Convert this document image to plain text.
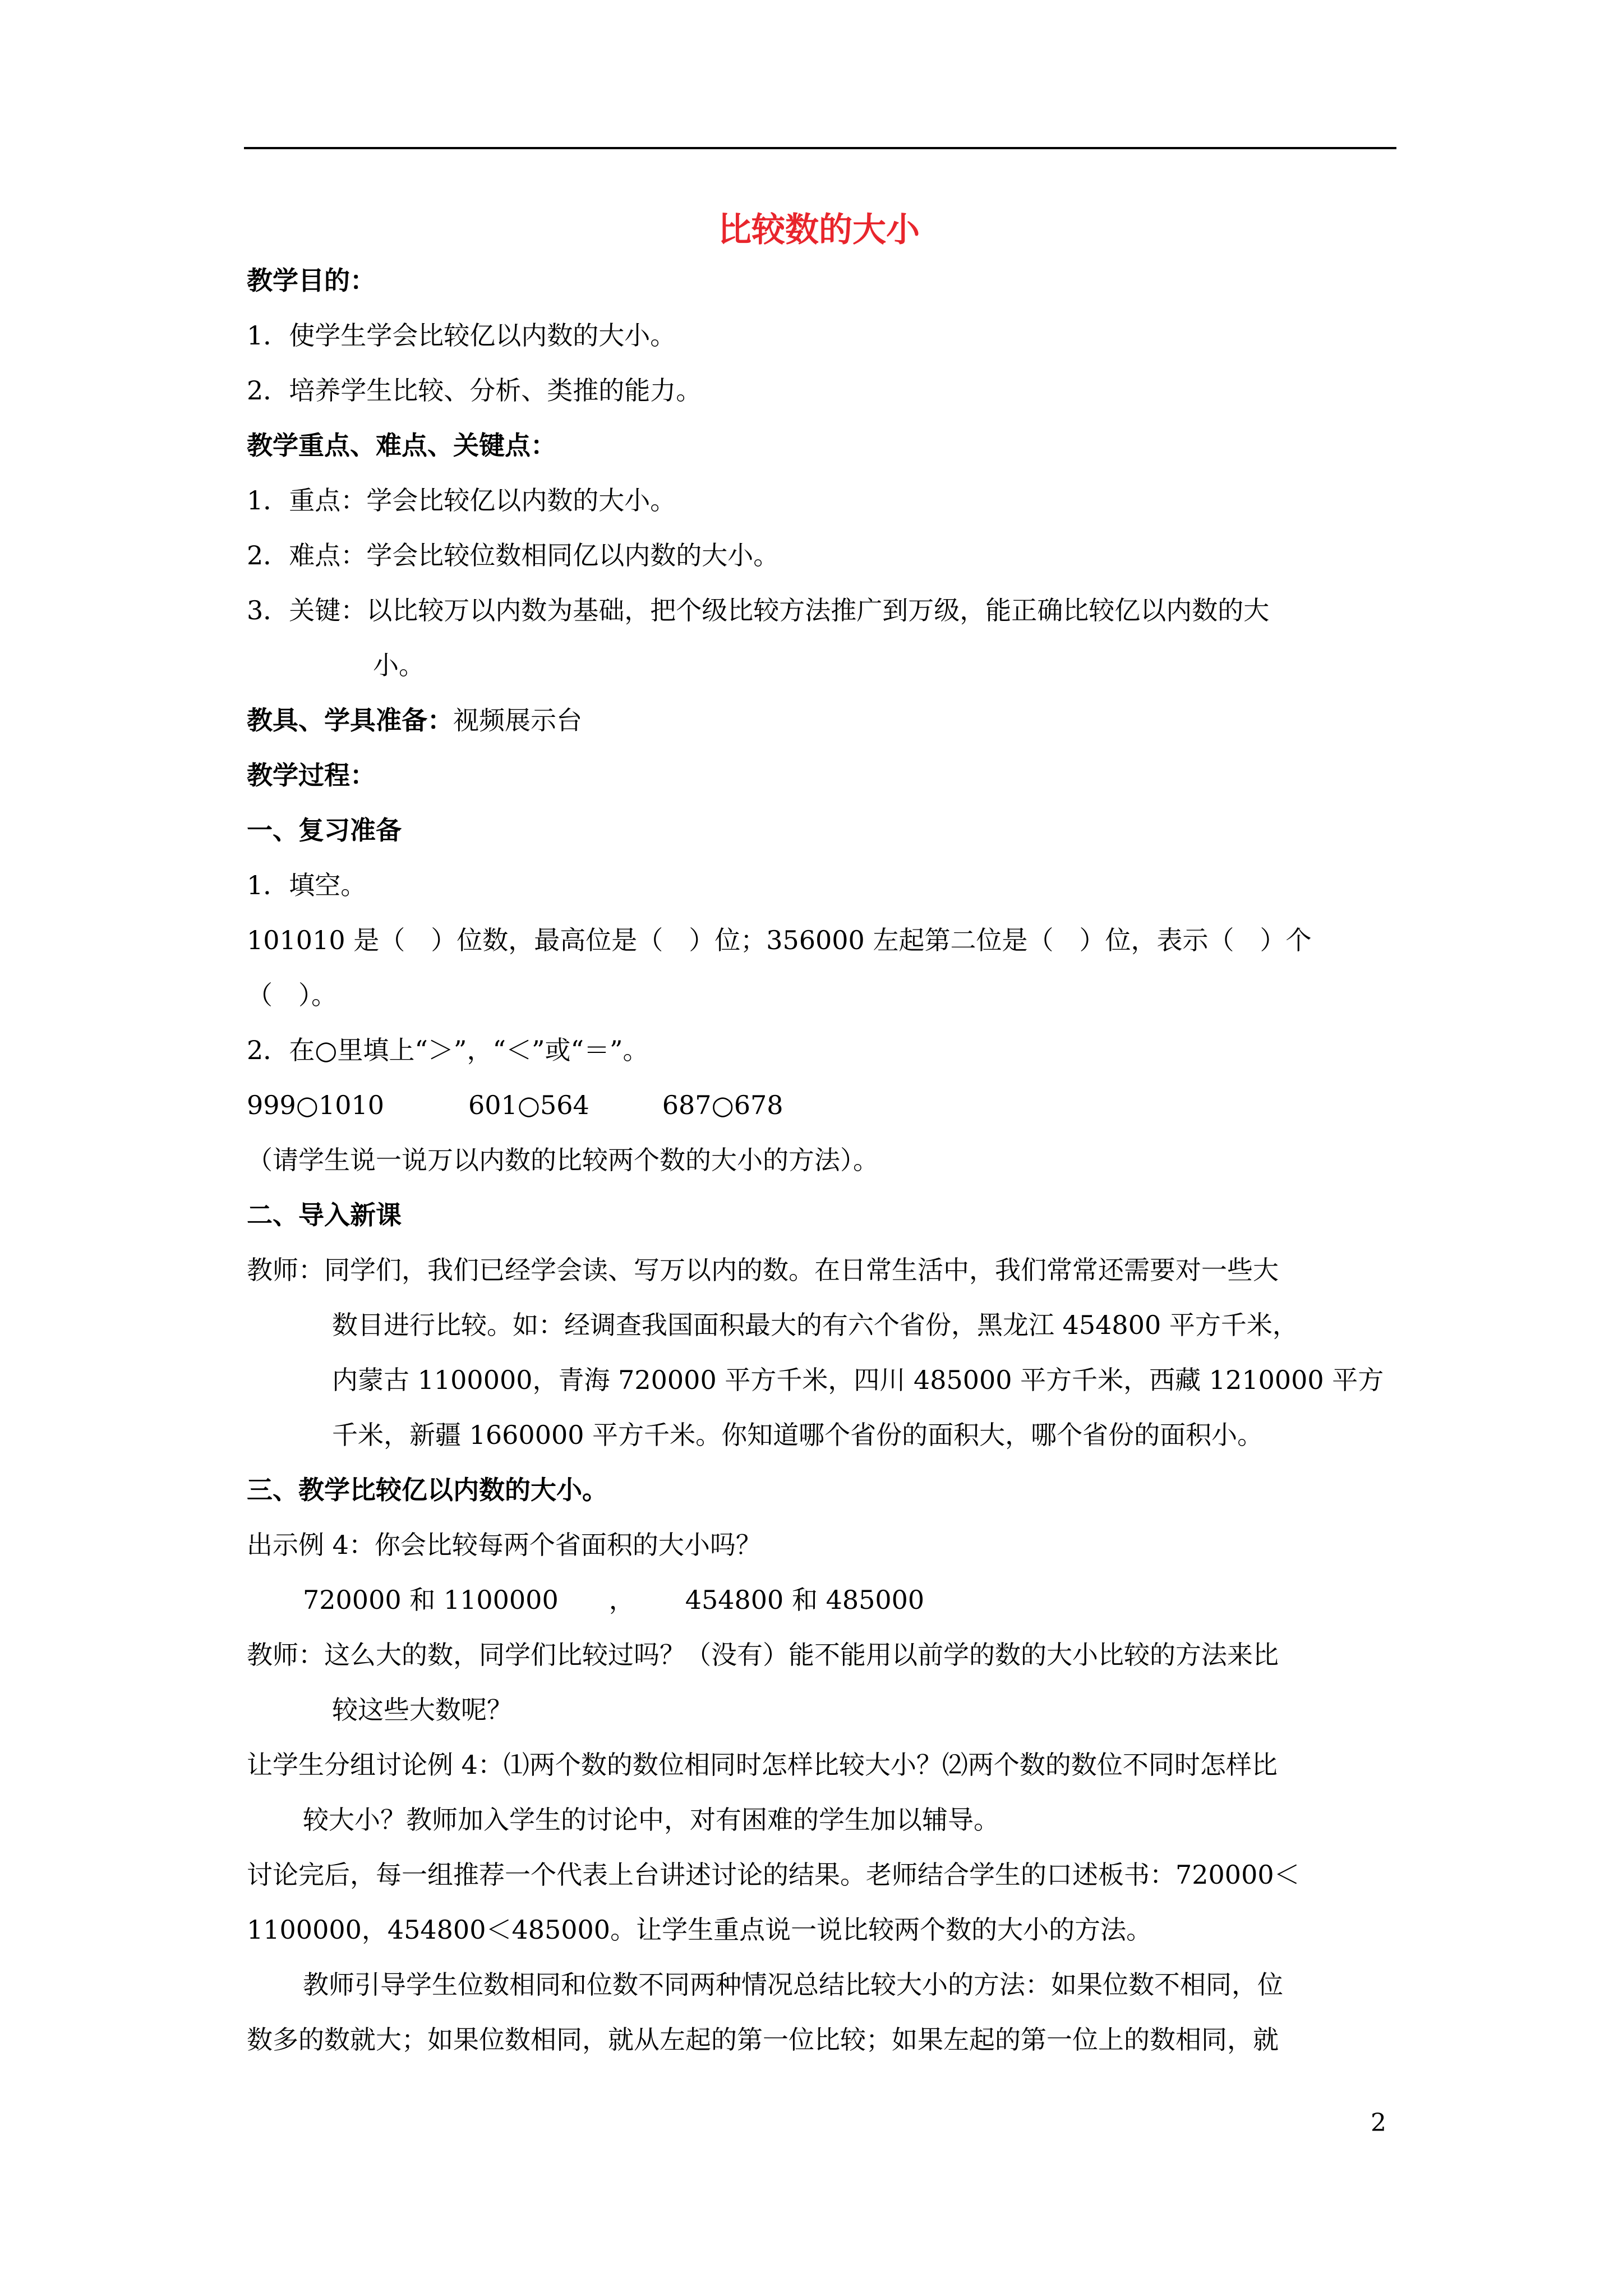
比较数的大小
教学目的：
1．使学生学会比较亿以内数的大小。
2．培养学生比较、分析、类推的能力。
教学重点、难点、关键点：
1．重点：学会比较亿以内数的大小。
2．难点：学会比较位数相同亿以内数的大小。
3．关键：以比较万以内数为基础，把个级比较方法推广到万级，能正确比较亿以内数的大
小。
教具、学具准备：视频展示台
教学过程：
一、复习准备
1．填空。
101010 是（　）位数，最高位是（　）位；356000 左起第二位是（　）位，表示（　）个
（　）。
2．在○里填上“＞”，“＜”或“＝”。
999○1010	601○564	687○678
（请学生说一说万以内数的比较两个数的大小的方法）。
二、导入新课
教师：同学们，我们已经学会读、写万以内的数。在日常生活中，我们常常还需要对一些大
数目进行比较。如：经调查我国面积最大的有六个省份，黑龙江 454800 平方千米，
内蒙古 1100000，青海 720000 平方千米，四川 485000 平方千米，西藏 1210000 平方
千米，新疆 1660000 平方千米。你知道哪个省份的面积大，哪个省份的面积小。
三、教学比较亿以内数的大小。
出示例 4：你会比较每两个省面积的大小吗？
720000 和 1100000 ， 454800 和 485000
教师：这么大的数，同学们比较过吗？（没有）能不能用以前学的数的大小比较的方法来比
较这些大数呢？
让学生分组讨论例 4：⑴两个数的数位相同时怎样比较大小？⑵两个数的数位不同时怎样比
较大小？教师加入学生的讨论中，对有困难的学生加以辅导。
讨论完后，每一组推荐一个代表上台讲述讨论的结果。老师结合学生的口述板书：720000＜
1100000，454800＜485000。让学生重点说一说比较两个数的大小的方法。
教师引导学生位数相同和位数不同两种情况总结比较大小的方法：如果位数不相同，位
数多的数就大；如果位数相同，就从左起的第一位比较；如果左起的第一位上的数相同，就
2
